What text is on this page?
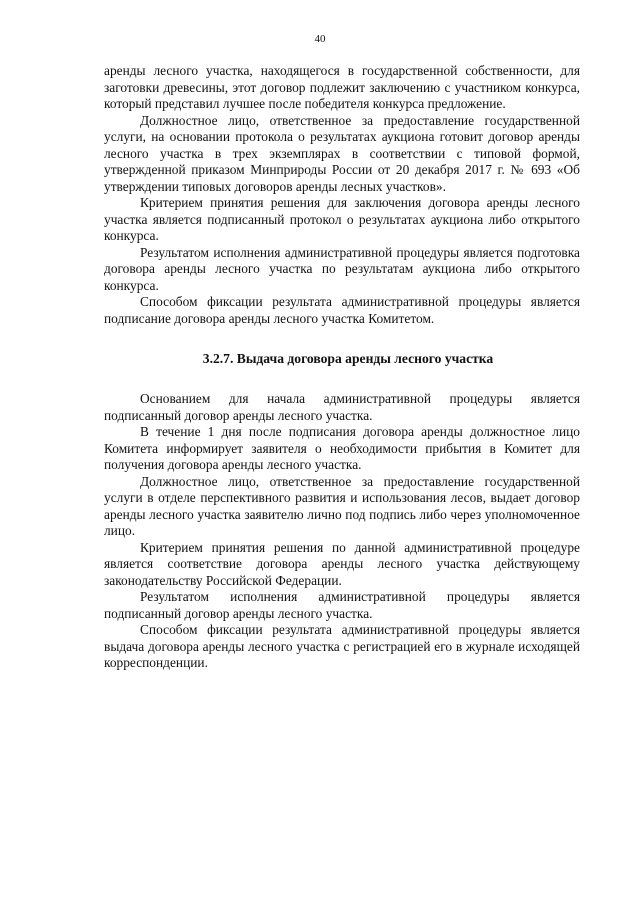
40

аренды лесного участка, находящегося в государственной собственности, для заготовки древесины, этот договор подлежит заключению с участником конкурса, который представил лучшее после победителя конкурса предложение.

Должностное лицо, ответственное за предоставление государственной услуги, на основании протокола о результатах аукциона готовит договор аренды лесного участка в трех экземплярах в соответствии с типовой формой, утвержденной приказом Минприроды России от 20 декабря 2017 г. № 693 «Об утверждении типовых договоров аренды лесных участков».

Критерием принятия решения для заключения договора аренды лесного участка является подписанный протокол о результатах аукциона либо открытого конкурса.

Результатом исполнения административной процедуры является подготовка договора аренды лесного участка по результатам аукциона либо открытого конкурса.

Способом фиксации результата административной процедуры является подписание договора аренды лесного участка Комитетом.

3.2.7. Выдача договора аренды лесного участка

Основанием для начала административной процедуры является подписанный договор аренды лесного участка.

В течение 1 дня после подписания договора аренды должностное лицо Комитета информирует заявителя о необходимости прибытия в Комитет для получения договора аренды лесного участка.

Должностное лицо, ответственное за предоставление государственной услуги в отделе перспективного развития и использования лесов, выдает договор аренды лесного участка заявителю лично под подпись либо через уполномоченное лицо.

Критерием принятия решения по данной административной процедуре является соответствие договора аренды лесного участка действующему законодательству Российской Федерации.

Результатом исполнения административной процедуры является подписанный договор аренды лесного участка.

Способом фиксации результата административной процедуры является выдача договора аренды лесного участка с регистрацией его в журнале исходящей корреспонденции.
